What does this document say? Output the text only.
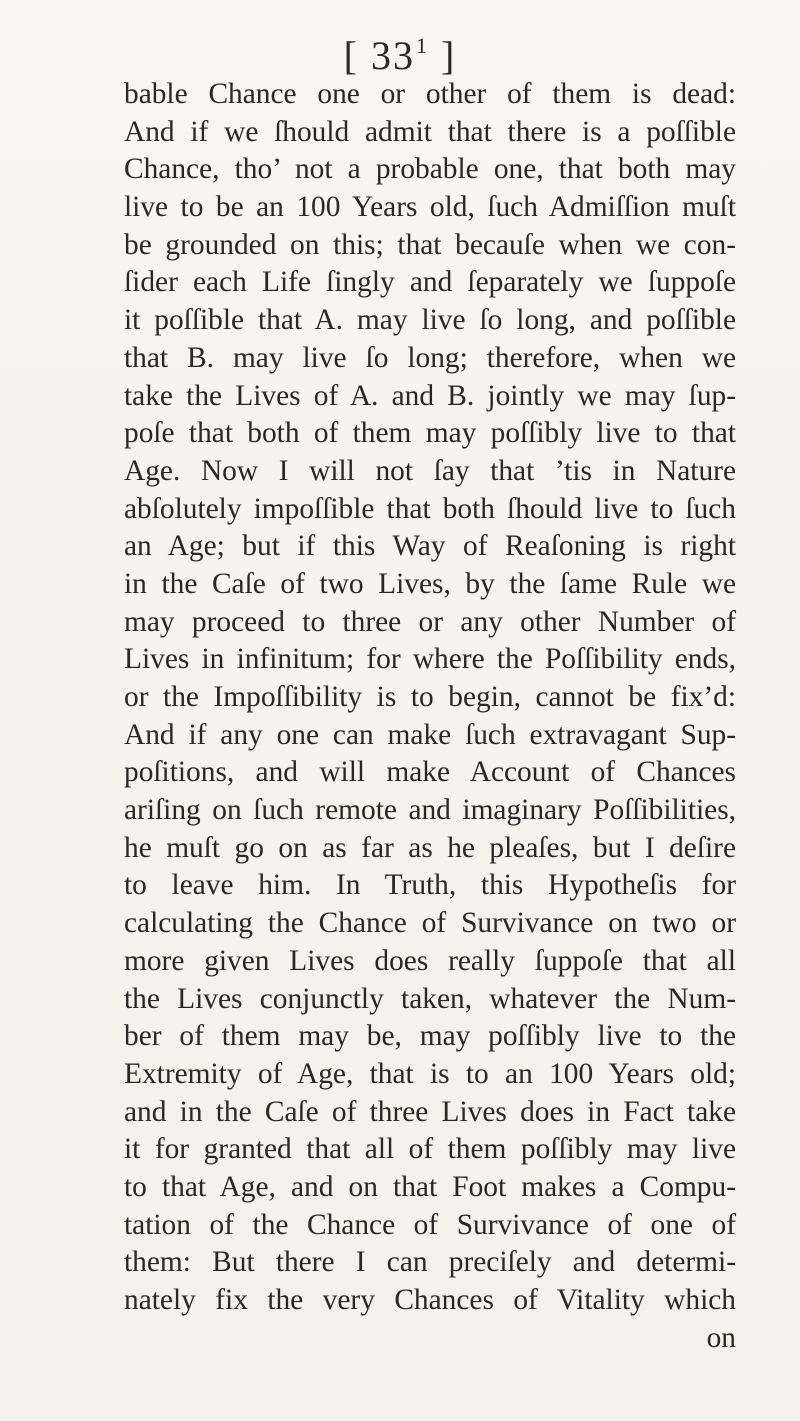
[ $33^1$ ]
bable Chance one or other of them is dead:
And if we ſhould admit that there is a poſſible
Chance, tho’ not a probable one, that both may
live to be an 100 Years old, ſuch Admiſſion muſt
be grounded on this; that becauſe when we con-
ſider each Life ſingly and ſeparately we ſuppoſe
it poſſible that A. may live ſo long, and poſſible
that B. may live ſo long; therefore, when we
take the Lives of A. and B. jointly we may ſup-
poſe that both of them may poſſibly live to that
Age. Now I will not ſay that ’tis in Nature
abſolutely impoſſible that both ſhould live to ſuch
an Age; but if this Way of Reaſoning is right
in the Caſe of two Lives, by the ſame Rule we
may proceed to three or any other Number of
Lives in infinitum; for where the Poſſibility ends,
or the Impoſſibility is to begin, cannot be fix’d:
And if any one can make ſuch extravagant Sup-
poſitions, and will make Account of Chances
ariſing on ſuch remote and imaginary Poſſibilities,
he muſt go on as far as he pleaſes, but I deſire
to leave him. In Truth, this Hypotheſis for
calculating the Chance of Survivance on two or
more given Lives does really ſuppoſe that all
the Lives conjunctly taken, whatever the Num-
ber of them may be, may poſſibly live to the
Extremity of Age, that is to an 100 Years old;
and in the Caſe of three Lives does in Fact take
it for granted that all of them poſſibly may live
to that Age, and on that Foot makes a Compu-
tation of the Chance of Survivance of one of
them: But there I can preciſely and determi-
nately fix the very Chances of Vitality which
on
